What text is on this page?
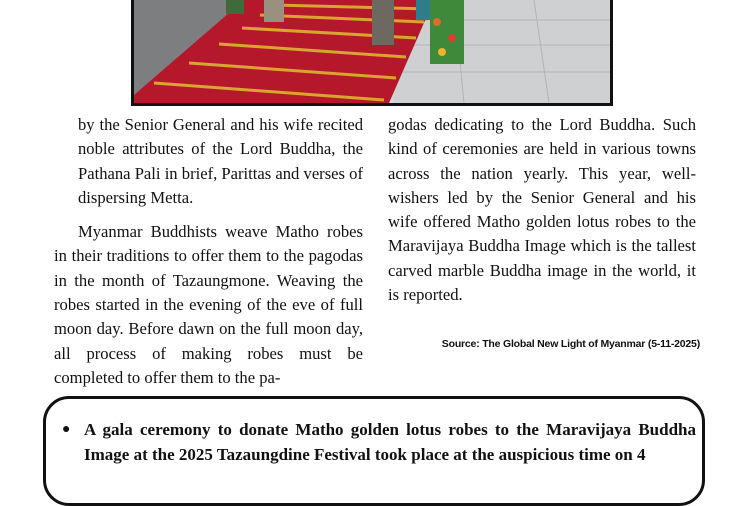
by the Senior General and his wife recited noble attributes of the Lord Buddha, the Pathana Pali in brief, Parittas and verses of dispersing Metta.

Myanmar Buddhists weave Matho robes in their traditions to offer them to the pagodas in the month of Tazaungmone. Weaving the robes started in the evening of the eve of full moon day. Before dawn on the full moon day, all process of making robes must be completed to offer them to the pa-

godas dedicating to the Lord Buddha. Such kind of ceremonies are held in various towns across the nation yearly. This year, well-wishers led by the Senior General and his wife offered Matho golden lotus robes to the Maravijaya Buddha Image which is the tallest carved marble Buddha image in the world, it is reported.

Source: The Global New Light of Myanmar (5-11-2025)
● A gala ceremony to donate Matho golden lotus robes to the Maravijaya Buddha Image at the 2025 Tazaungdine Festival took place at the auspicious time on 4
